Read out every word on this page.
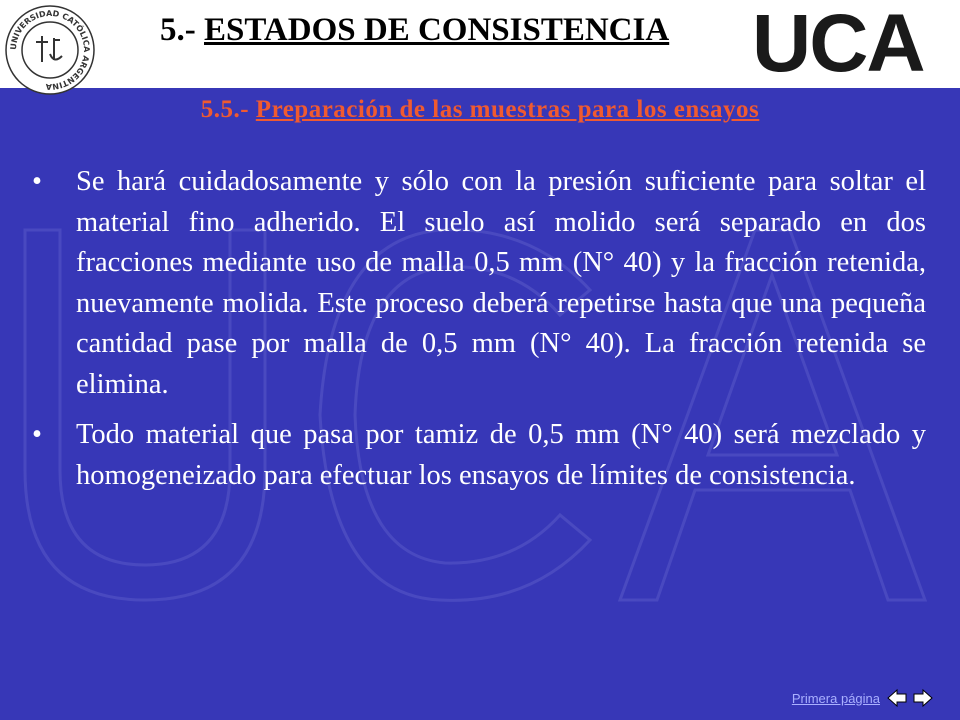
UNIVERSIDAD CATÓLICA ARGENTINA
5.- ESTADOS DE CONSISTENCIA	UCA
5.5.- Preparación de las muestras para los ensayos
•	Se hará cuidadosamente y sólo con la presión suficiente para soltar el material fino adherido. El suelo así molido será separado en dos fracciones mediante uso de malla 0,5 mm (N° 40) y la fracción retenida, nuevamente molida. Este proceso deberá repetirse hasta que una pequeña cantidad pase por malla de 0,5 mm (N° 40). La fracción retenida se elimina.
•	Todo material que pasa por tamiz de 0,5 mm (N° 40) será mezclado y homogeneizado para efectuar los ensayos de límites de consistencia.
Primera página
